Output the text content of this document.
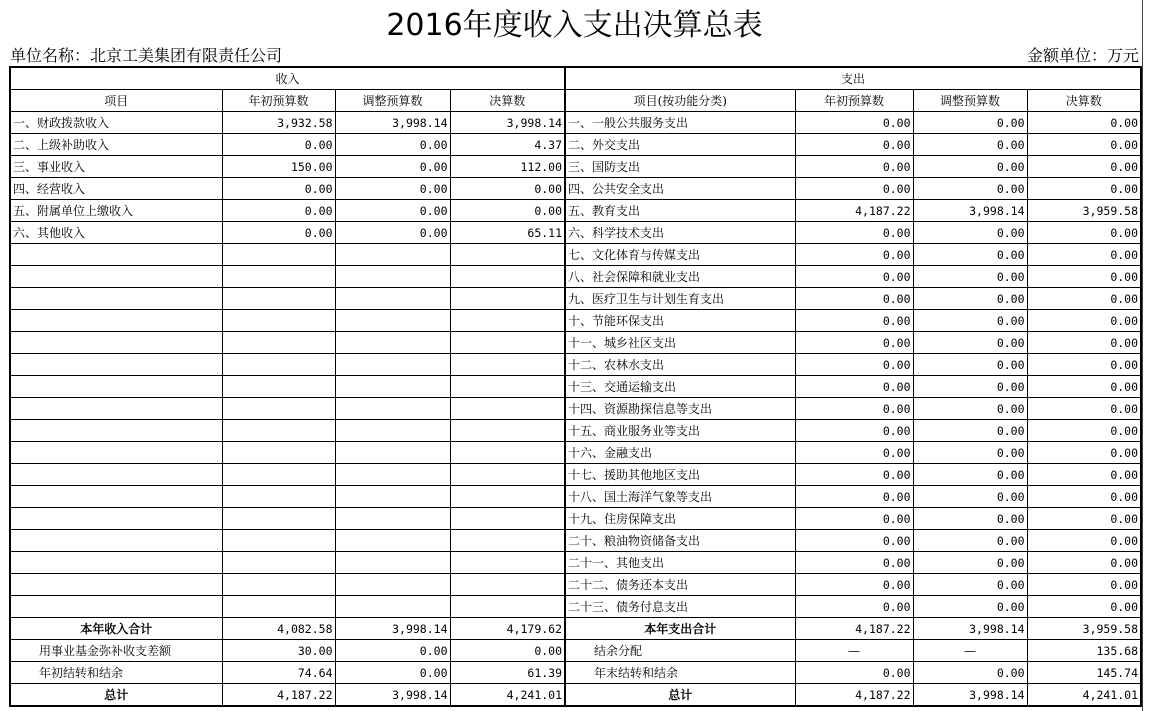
2016年度收入支出决算总表
单位名称：北京工美集团有限责任公司	金额单位：万元
收入				支出			
项目	年初预算数	调整预算数	决算数	项目(按功能分类)	年初预算数	调整预算数	决算数
一、财政拨款收入	3,932.58	3,998.14	3,998.14	一、一般公共服务支出	0.00	0.00	0.00
二、上级补助收入	0.00	0.00	4.37	二、外交支出	0.00	0.00	0.00
三、事业收入	150.00	0.00	112.00	三、国防支出	0.00	0.00	0.00
四、经营收入	0.00	0.00	0.00	四、公共安全支出	0.00	0.00	0.00
五、附属单位上缴收入	0.00	0.00	0.00	五、教育支出	4,187.22	3,998.14	3,959.58
六、其他收入	0.00	0.00	65.11	六、科学技术支出	0.00	0.00	0.00
				七、文化体育与传媒支出	0.00	0.00	0.00
				八、社会保障和就业支出	0.00	0.00	0.00
				九、医疗卫生与计划生育支出	0.00	0.00	0.00
				十、节能环保支出	0.00	0.00	0.00
				十一、城乡社区支出	0.00	0.00	0.00
				十二、农林水支出	0.00	0.00	0.00
				十三、交通运输支出	0.00	0.00	0.00
				十四、资源勘探信息等支出	0.00	0.00	0.00
				十五、商业服务业等支出	0.00	0.00	0.00
				十六、金融支出	0.00	0.00	0.00
				十七、援助其他地区支出	0.00	0.00	0.00
				十八、国土海洋气象等支出	0.00	0.00	0.00
				十九、住房保障支出	0.00	0.00	0.00
				二十、粮油物资储备支出	0.00	0.00	0.00
				二十一、其他支出	0.00	0.00	0.00
				二十二、债务还本支出	0.00	0.00	0.00
				二十三、债务付息支出	0.00	0.00	0.00
本年收入合计	4,082.58	3,998.14	4,179.62	本年支出合计	4,187.22	3,998.14	3,959.58
用事业基金弥补收支差额	30.00	0.00	0.00	结余分配	—	—	135.68
年初结转和结余	74.64	0.00	61.39	年末结转和结余	0.00	0.00	145.74
总计	4,187.22	3,998.14	4,241.01	总计	4,187.22	3,998.14	4,241.01
